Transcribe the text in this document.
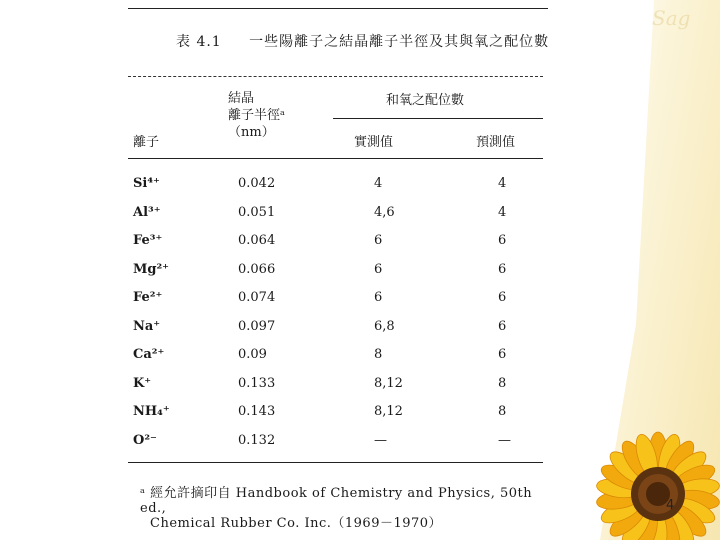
Sag
表 4.1 一些陽離子之結晶離子半徑及其與氧之配位數
結晶
離子半徑ᵃ
（nm）
和氧之配位數
離子	實測值	預測值
Si⁴⁺	0.042	4	4
Al³⁺	0.051	4,6	4
Fe³⁺	0.064	6	6
Mg²⁺	0.066	6	6
Fe²⁺	0.074	6	6
Na⁺	0.097	6,8	6
Ca²⁺	0.09	8	6
K⁺	0.133	8,12	8
NH₄⁺	0.143	8,12	8
O²⁻	0.132	—	—
ᵃ 經允許摘印自 Handbook of Chemistry and Physics, 50th ed.,
Chemical Rubber Co. Inc.（1969－1970）
4
